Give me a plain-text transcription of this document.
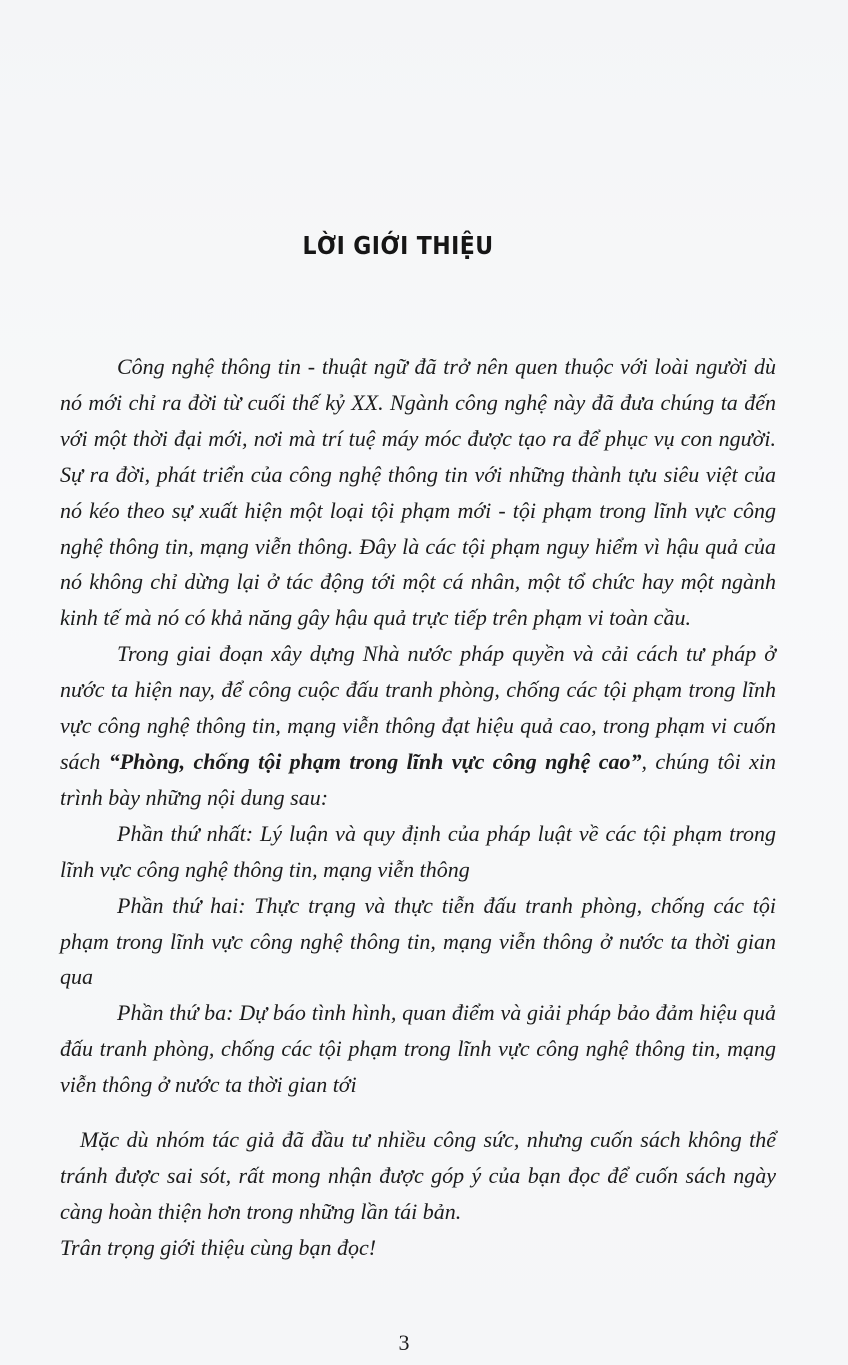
LỜI GIỚI THIỆU

Công nghệ thông tin - thuật ngữ đã trở nên quen thuộc với loài người dù nó mới chỉ ra đời từ cuối thế kỷ XX. Ngành công nghệ này đã đưa chúng ta đến với một thời đại mới, nơi mà trí tuệ máy móc được tạo ra để phục vụ con người. Sự ra đời, phát triển của công nghệ thông tin với những thành tựu siêu việt của nó kéo theo sự xuất hiện một loại tội phạm mới - tội phạm trong lĩnh vực công nghệ thông tin, mạng viễn thông. Đây là các tội phạm nguy hiểm vì hậu quả của nó không chỉ dừng lại ở tác động tới một cá nhân, một tổ chức hay một ngành kinh tế mà nó có khả năng gây hậu quả trực tiếp trên phạm vi toàn cầu.

Trong giai đoạn xây dựng Nhà nước pháp quyền và cải cách tư pháp ở nước ta hiện nay, để công cuộc đấu tranh phòng, chống các tội phạm trong lĩnh vực công nghệ thông tin, mạng viễn thông đạt hiệu quả cao, trong phạm vi cuốn sách “Phòng, chống tội phạm trong lĩnh vực công nghệ cao”, chúng tôi xin trình bày những nội dung sau:

Phần thứ nhất: Lý luận và quy định của pháp luật về các tội phạm trong lĩnh vực công nghệ thông tin, mạng viễn thông

Phần thứ hai: Thực trạng và thực tiễn đấu tranh phòng, chống các tội phạm trong lĩnh vực công nghệ thông tin, mạng viễn thông ở nước ta thời gian qua

Phần thứ ba: Dự báo tình hình, quan điểm và giải pháp bảo đảm hiệu quả đấu tranh phòng, chống các tội phạm trong lĩnh vực công nghệ thông tin, mạng viễn thông ở nước ta thời gian tới

Mặc dù nhóm tác giả đã đầu tư nhiều công sức, nhưng cuốn sách không thể tránh được sai sót, rất mong nhận được góp ý của bạn đọc để cuốn sách ngày càng hoàn thiện hơn trong những lần tái bản.

Trân trọng giới thiệu cùng bạn đọc!
3
